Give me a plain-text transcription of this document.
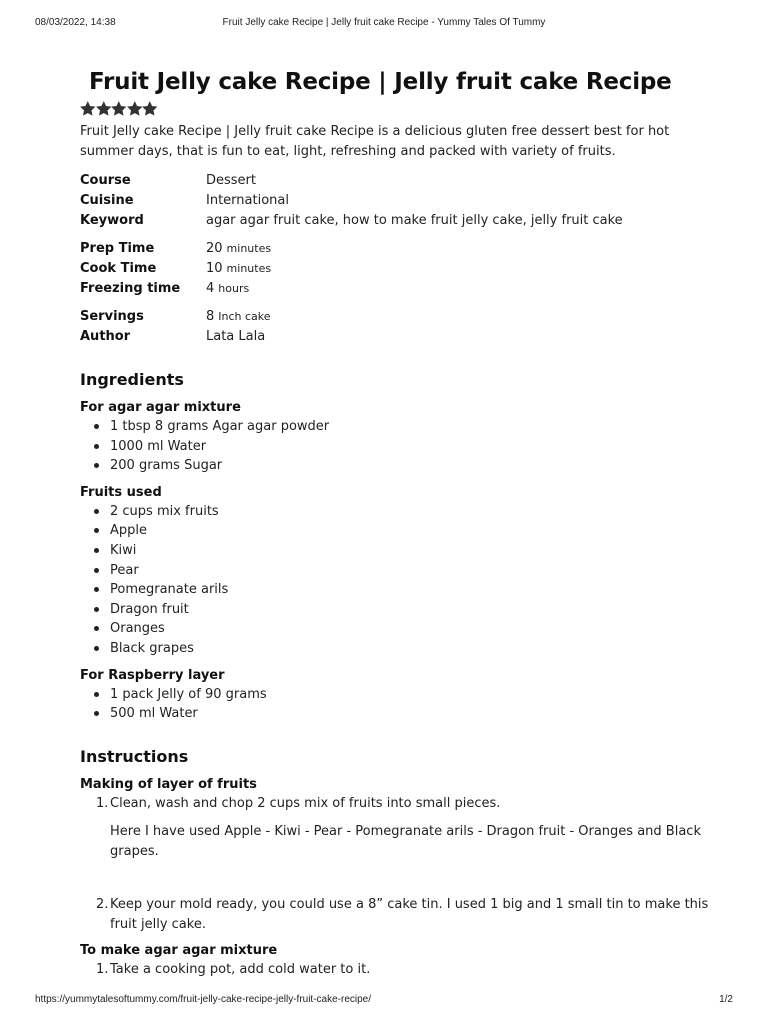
08/03/2022, 14:38	Fruit Jelly cake Recipe | Jelly fruit cake Recipe - Yummy Tales Of Tummy
Fruit Jelly cake Recipe | Jelly fruit cake Recipe

Fruit Jelly cake Recipe | Jelly fruit cake Recipe is a delicious gluten free dessert best for hot summer days, that is fun to eat, light, refreshing and packed with variety of fruits.

Course	Dessert
Cuisine	International
Keyword	agar agar fruit cake, how to make fruit jelly cake, jelly fruit cake
Prep Time	20 minutes
Cook Time	10 minutes
Freezing time	4 hours
Servings	8 Inch cake
Author	Lata Lala
Ingredients
For agar agar mixture
1 tbsp 8 grams Agar agar powder
1000 ml Water
200 grams Sugar
Fruits used
2 cups mix fruits
Apple
Kiwi
Pear
Pomegranate arils
Dragon fruit
Oranges
Black grapes
For Raspberry layer
1 pack Jelly of 90 grams
500 ml Water
Instructions
Making of layer of fruits
1. Clean, wash and chop 2 cups mix of fruits into small pieces.
Here I have used Apple - Kiwi - Pear - Pomegranate arils - Dragon fruit - Oranges and Black grapes.
2. Keep your mold ready, you could use a 8” cake tin. I used 1 big and 1 small tin to make this fruit jelly cake.
To make agar agar mixture
1. Take a cooking pot, add cold water to it.
https://yummytalesoftummy.com/fruit-jelly-cake-recipe-jelly-fruit-cake-recipe/	1/2
